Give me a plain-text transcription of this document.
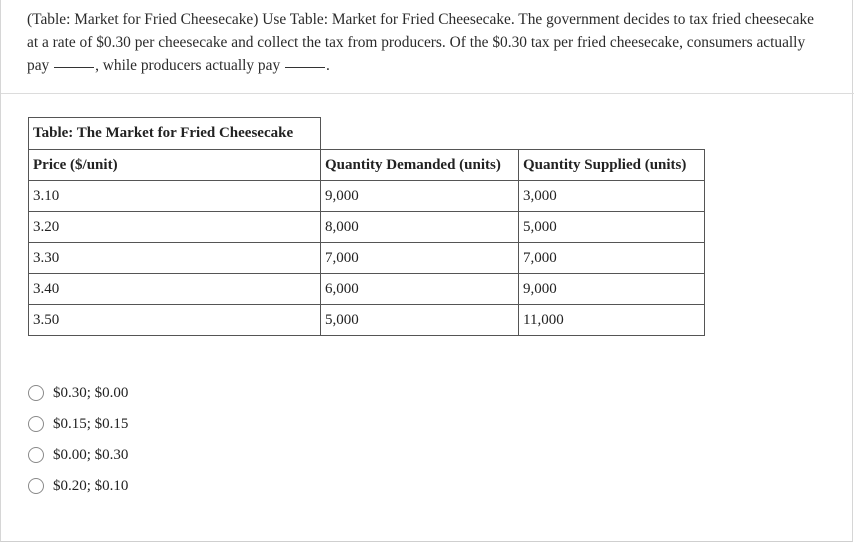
(Table: Market for Fried Cheesecake) Use Table: Market for Fried Cheesecake. The government decides to tax fried cheesecake at a rate of $0.30 per cheesecake and collect the tax from producers. Of the $0.30 tax per fried cheesecake, consumers actually pay	, while producers actually pay	.
Table: The Market for Fried Cheesecake		
Price ($/unit)	Quantity Demanded (units)	Quantity Supplied (units)
3.10	9,000	3,000
3.20	8,000	5,000
3.30	7,000	7,000
3.40	6,000	9,000
3.50	5,000	11,000
$0.30; $0.00
$0.15; $0.15
$0.00; $0.30
$0.20; $0.10
